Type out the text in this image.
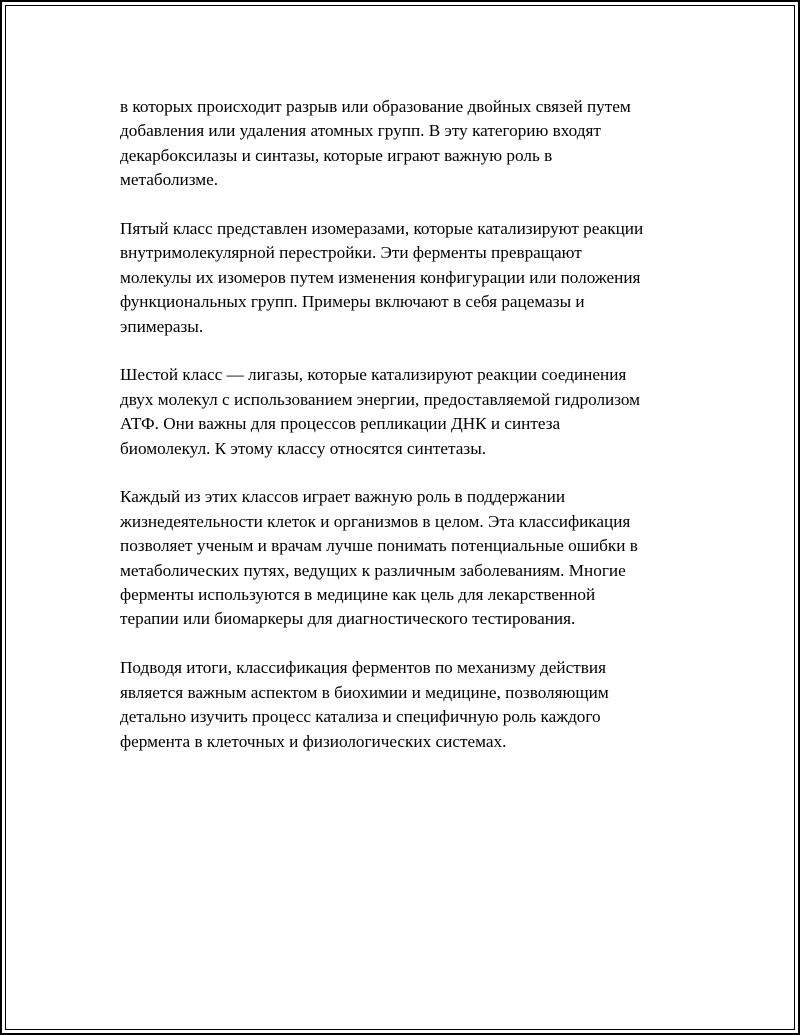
в которых происходит разрыв или образование двойных связей путем
добавления или удаления атомных групп. В эту категорию входят
декарбоксилазы и синтазы, которые играют важную роль в
метаболизме.

Пятый класс представлен изомеразами, которые катализируют реакции
внутримолекулярной перестройки. Эти ферменты превращают
молекулы их изомеров путем изменения конфигурации или положения
функциональных групп. Примеры включают в себя рацемазы и
эпимеразы.

Шестой класс — лигазы, которые катализируют реакции соединения
двух молекул с использованием энергии, предоставляемой гидролизом
АТФ. Они важны для процессов репликации ДНК и синтеза
биомолекул. К этому классу относятся синтетазы.

Каждый из этих классов играет важную роль в поддержании
жизнедеятельности клеток и организмов в целом. Эта классификация
позволяет ученым и врачам лучше понимать потенциальные ошибки в
метаболических путях, ведущих к различным заболеваниям. Многие
ферменты используются в медицине как цель для лекарственной
терапии или биомаркеры для диагностического тестирования.

Подводя итоги, классификация ферментов по механизму действия
является важным аспектом в биохимии и медицине, позволяющим
детально изучить процесс катализа и специфичную роль каждого
фермента в клеточных и физиологических системах.
